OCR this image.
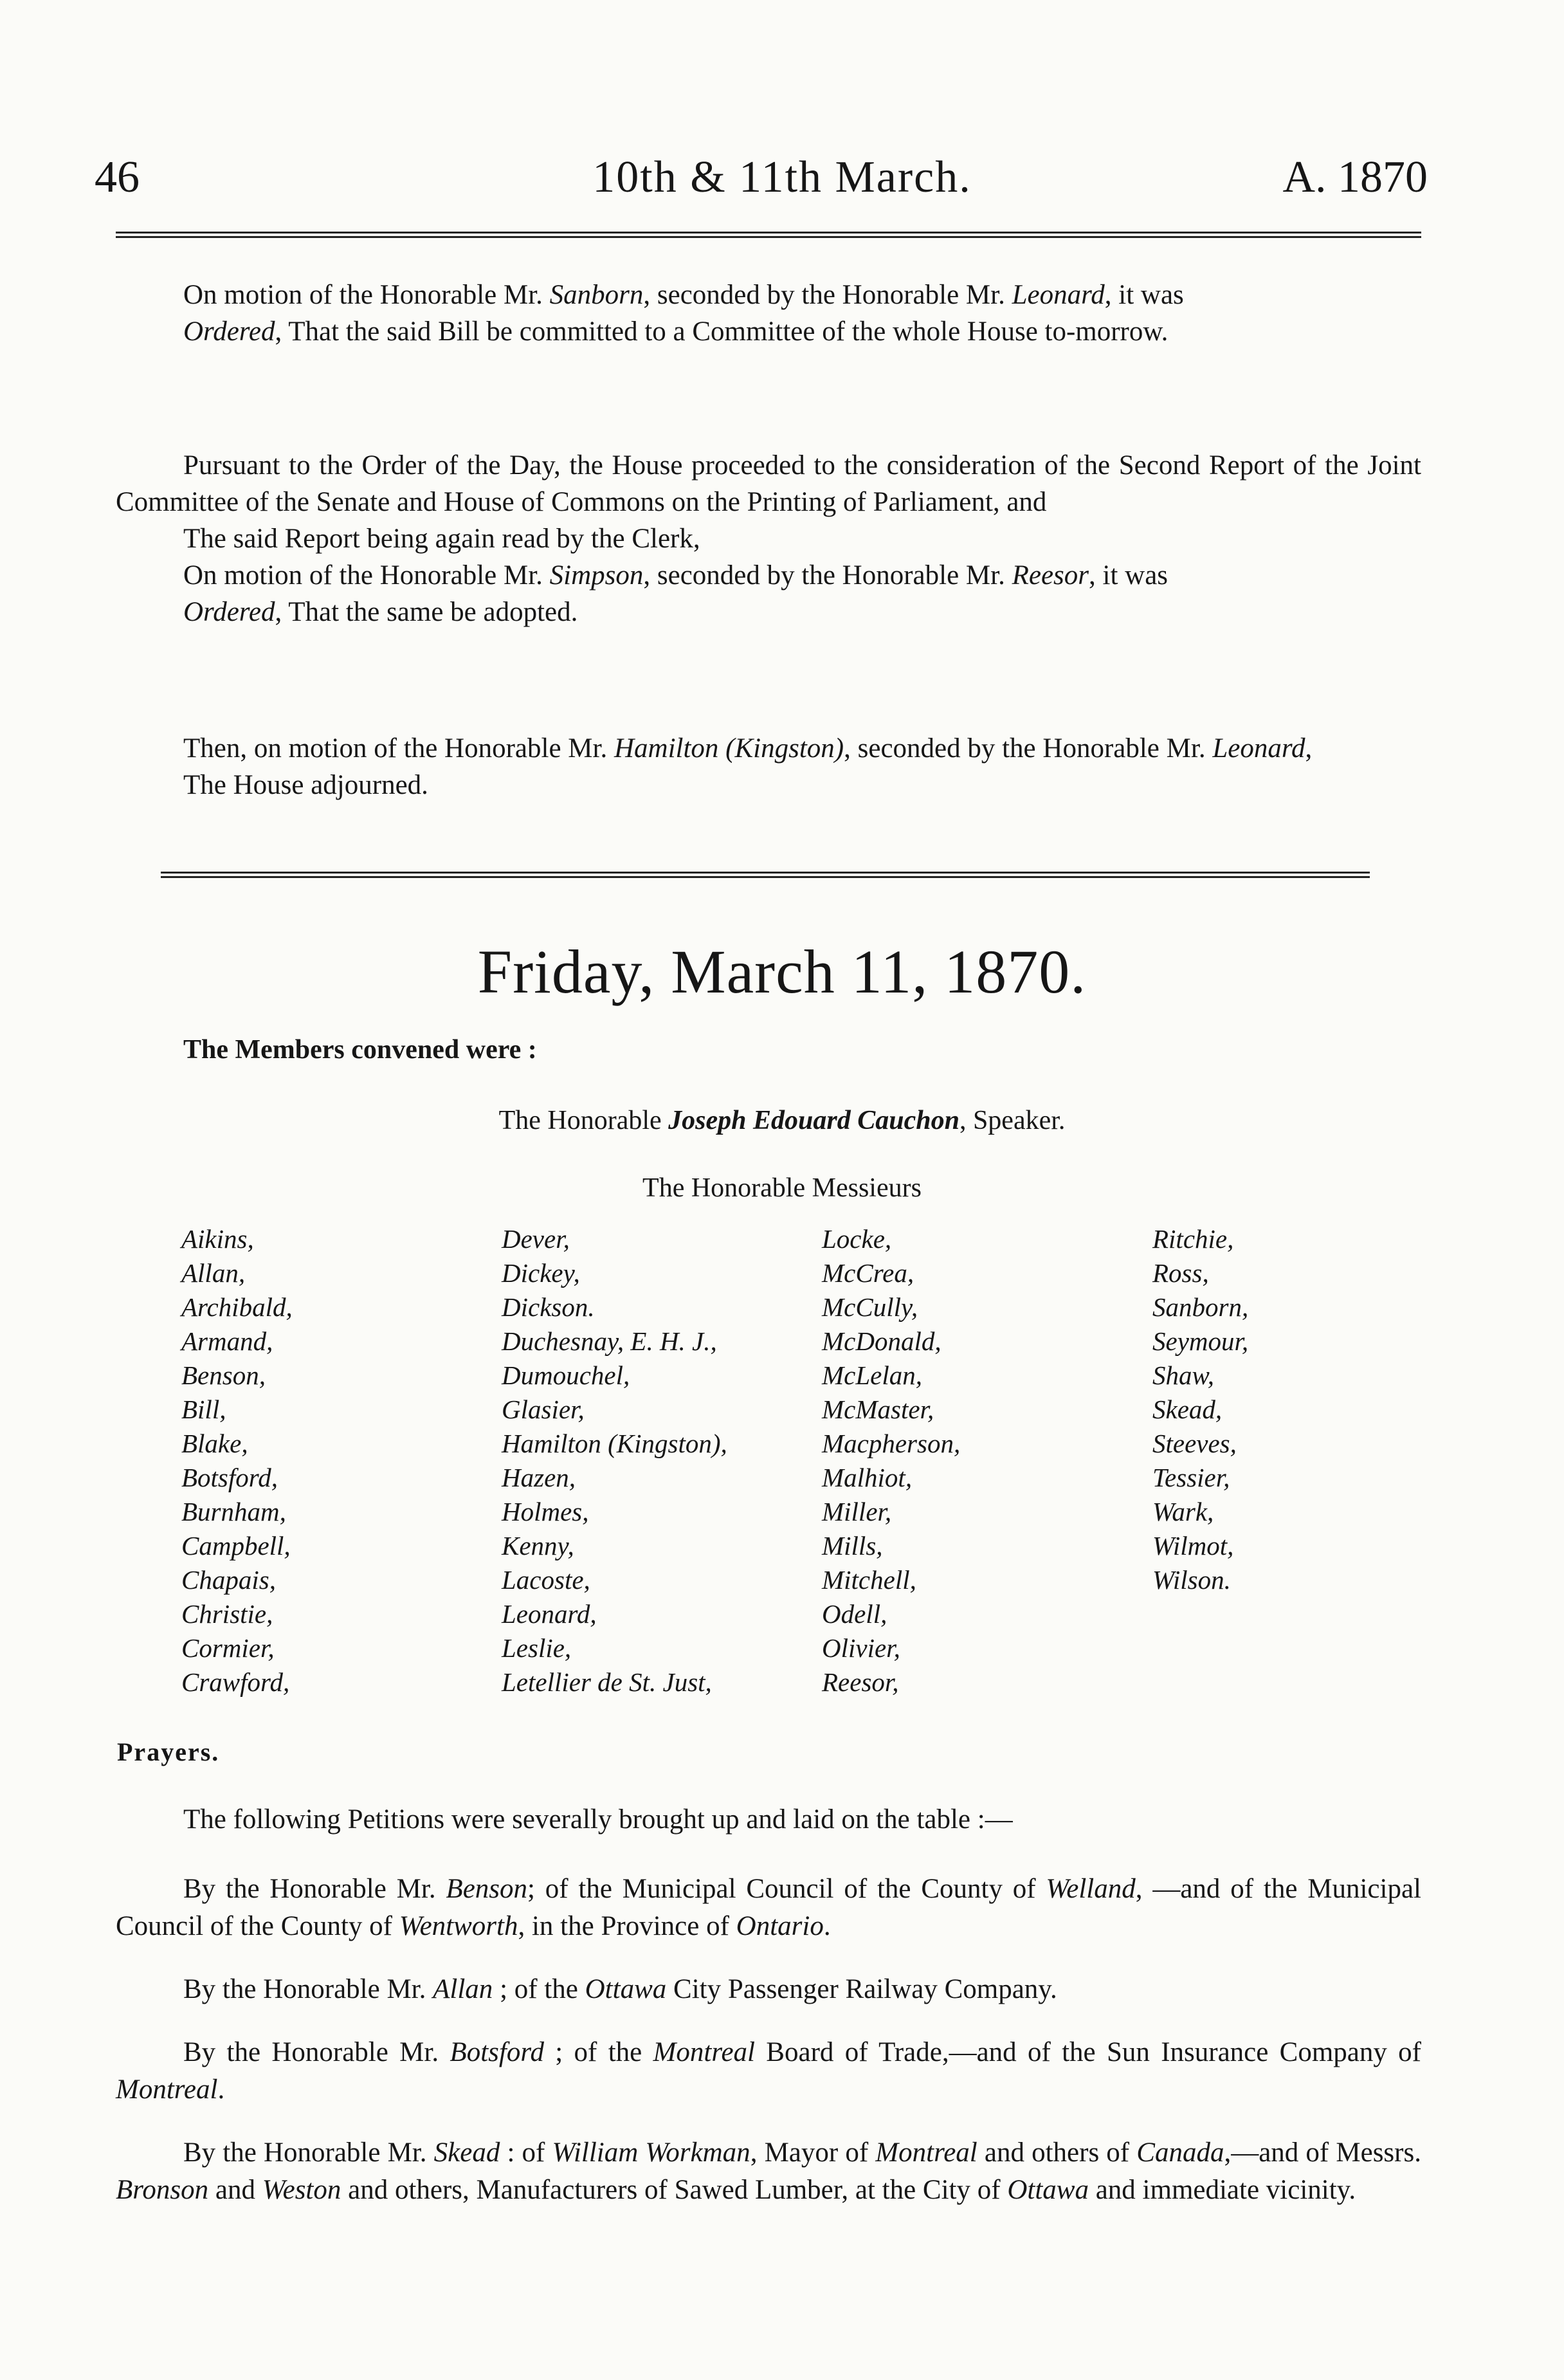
46	10th & 11th March.	A. 1870

On motion of the Honorable Mr. Sanborn, seconded by the Honorable Mr. Leonard, it was

Ordered, That the said Bill be committed to a Committee of the whole House to-morrow.

Pursuant to the Order of the Day, the House proceeded to the consideration of the Second Report of the Joint Committee of the Senate and House of Commons on the Printing of Parliament, and

The said Report being again read by the Clerk,

On motion of the Honorable Mr. Simpson, seconded by the Honorable Mr. Reesor, it was

Ordered, That the same be adopted.

Then, on motion of the Honorable Mr. Hamilton (Kingston), seconded by the Honorable Mr. Leonard,

The House adjourned.

Friday, March 11, 1870.
The Members convened were :
The Honorable Joseph Edouard Cauchon, Speaker.
The Honorable Messieurs
Aikins,
Allan,
Archibald,
Armand,
Benson,
Bill,
Blake,
Botsford,
Burnham,
Campbell,
Chapais,
Christie,
Cormier,
Crawford,
Dever,
Dickey,
Dickson.
Duchesnay, E. H. J.,
Dumouchel,
Glasier,
Hamilton (Kingston),
Hazen,
Holmes,
Kenny,
Lacoste,
Leonard,
Leslie,
Letellier de St. Just,
Locke,
McCrea,
McCully,
McDonald,
McLelan,
McMaster,
Macpherson,
Malhiot,
Miller,
Mills,
Mitchell,
Odell,
Olivier,
Reesor,
Ritchie,
Ross,
Sanborn,
Seymour,
Shaw,
Skead,
Steeves,
Tessier,
Wark,
Wilmot,
Wilson.
Prayers.

The following Petitions were severally brought up and laid on the table :—

By the Honorable Mr. Benson; of the Municipal Council of the County of Welland, —and of the Municipal Council of the County of Wentworth, in the Province of Ontario.

By the Honorable Mr. Allan ; of the Ottawa City Passenger Railway Company.

By the Honorable Mr. Botsford ; of the Montreal Board of Trade,—and of the Sun Insurance Company of Montreal.

By the Honorable Mr. Skead : of William Workman, Mayor of Montreal and others of Canada,—and of Messrs. Bronson and Weston and others, Manufacturers of Sawed Lumber, at the City of Ottawa and immediate vicinity.
